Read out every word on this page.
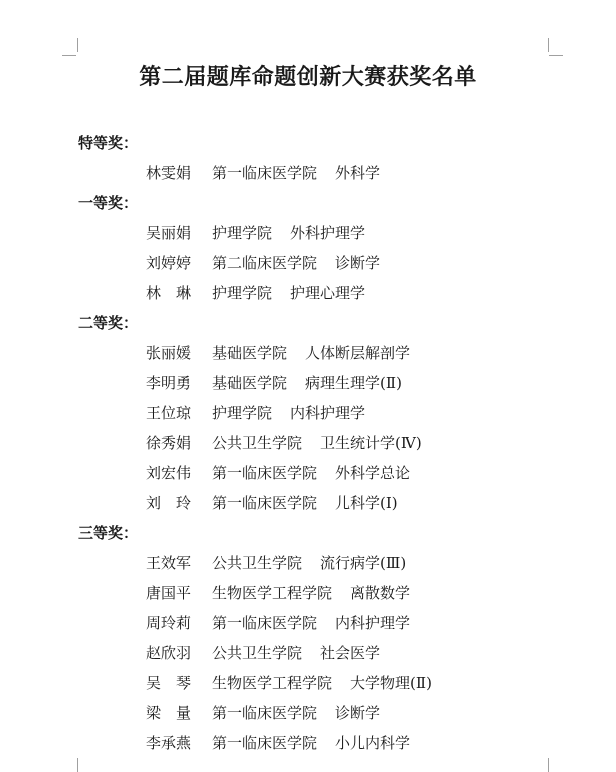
第二届题库命题创新大赛获奖名单
特等奖：
林雯娟 第一临床医学院 外科学
一等奖：
吴丽娟 护理学院 外科护理学
刘婷婷 第二临床医学院 诊断学
林　琳 护理学院 护理心理学
二等奖：
张丽媛 基础医学院 人体断层解剖学
李明勇 基础医学院 病理生理学(Ⅱ)
王位琼 护理学院 内科护理学
徐秀娟 公共卫生学院 卫生统计学(Ⅳ)
刘宏伟 第一临床医学院 外科学总论
刘　玲 第一临床医学院 儿科学(Ⅰ)
三等奖：
王效军 公共卫生学院 流行病学(Ⅲ)
唐国平 生物医学工程学院 离散数学
周玲莉 第一临床医学院 内科护理学
赵欣羽 公共卫生学院 社会医学
吴　琴 生物医学工程学院 大学物理(Ⅱ)
梁　量 第一临床医学院 诊断学
李承燕 第一临床医学院 小儿内科学
